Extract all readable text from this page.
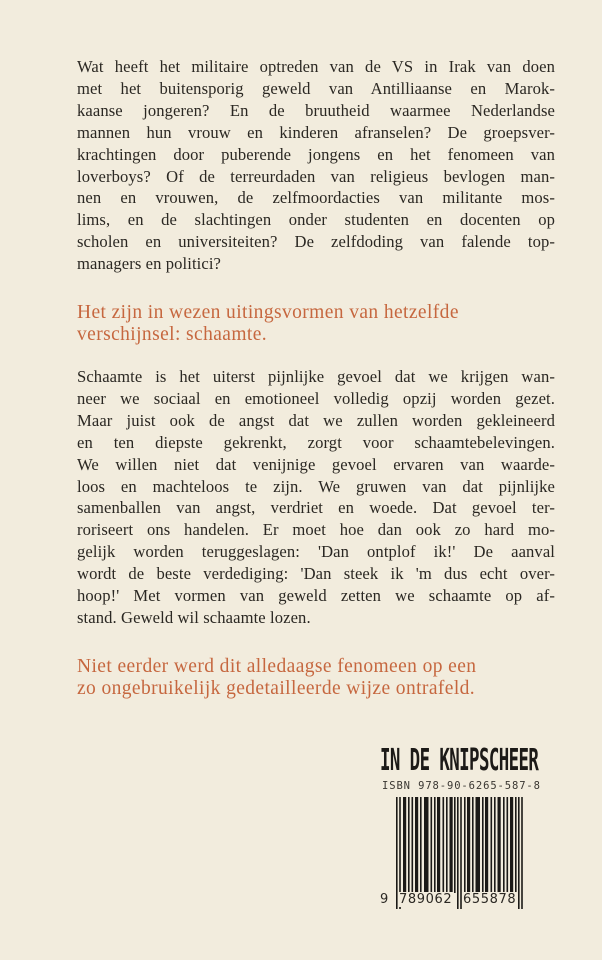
Wat heeft het militaire optreden van de VS in Irak van doen
met het buitensporig geweld van Antilliaanse en Marok-
kaanse jongeren? En de bruutheid waarmee Nederlandse
mannen hun vrouw en kinderen afranselen? De groepsver-
krachtingen door puberende jongens en het fenomeen van
loverboys? Of de terreurdaden van religieus bevlogen man-
nen en vrouwen, de zelfmoordacties van militante mos-
lims, en de slachtingen onder studenten en docenten op
scholen en universiteiten? De zelfdoding van falende top-
managers en politici?
Het zijn in wezen uitingsvormen van hetzelfde
verschijnsel: schaamte.
Schaamte is het uiterst pijnlijke gevoel dat we krijgen wan-
neer we sociaal en emotioneel volledig opzij worden gezet.
Maar juist ook de angst dat we zullen worden gekleineerd
en ten diepste gekrenkt, zorgt voor schaamtebelevingen.
We willen niet dat venijnige gevoel ervaren van waarde-
loos en machteloos te zijn. We gruwen van dat pijnlijke
samenballen van angst, verdriet en woede. Dat gevoel ter-
roriseert ons handelen. Er moet hoe dan ook zo hard mo-
gelijk worden teruggeslagen: 'Dan ontplof ik!' De aanval
wordt de beste verdediging: 'Dan steek ik 'm dus echt over-
hoop!' Met vormen van geweld zetten we schaamte op af-
stand. Geweld wil schaamte lozen.
Niet eerder werd dit alledaagse fenomeen op een
zo ongebruikelijk gedetailleerde wijze ontrafeld.
IN DE KNIPSCHEER
ISBN 978-90-6265-587-8
9 789062 655878
